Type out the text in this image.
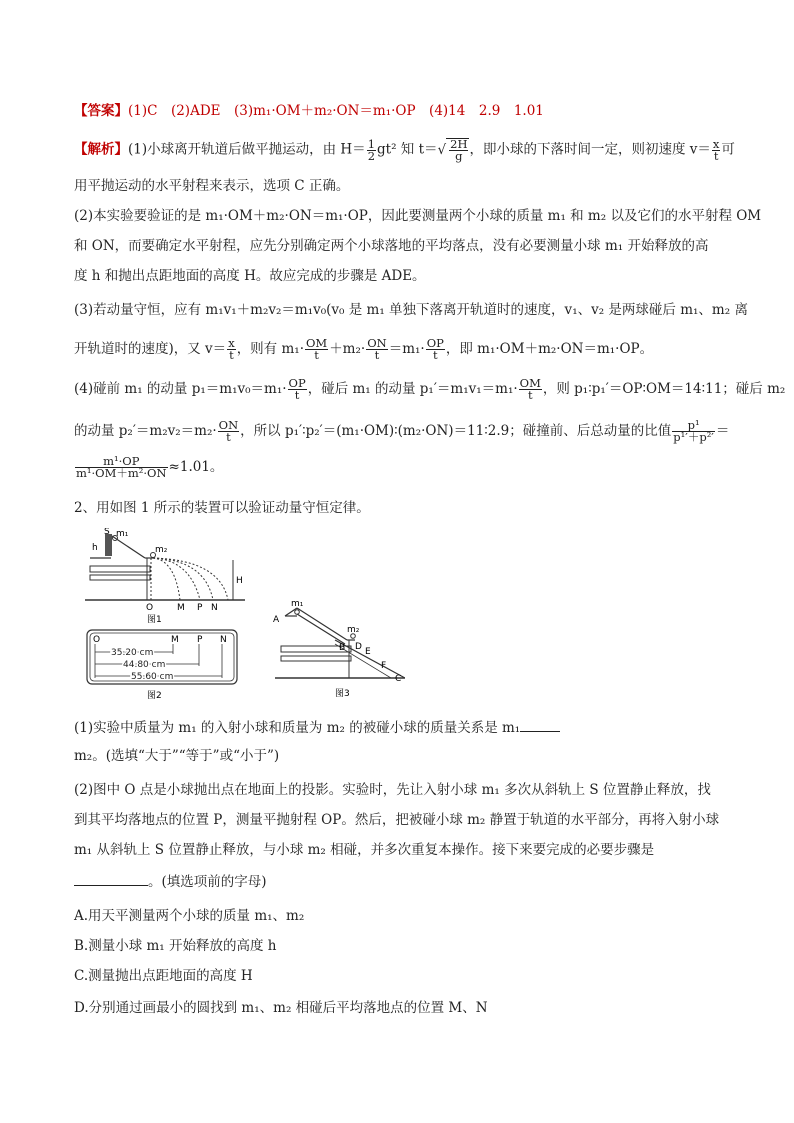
【答案】(1)C　(2)ADE　(3)m₁·OM＋m₂·ON＝m₁·OP　(4)14　2.9　1.01
【解析】(1)小球离开轨道后做平抛运动，由 $H= \frac{1}{2} gt^2$ 知 $t=√ \frac{2H}{g}$ ，即小球的下落时间一定，则初速度 $v= \frac{x}{t}$ 可
用平抛运动的水平射程来表示，选项 C 正确。
(2)本实验要验证的是 m₁·OM＋m₂·ON＝m₁·OP，因此要测量两个小球的质量 m₁ 和 m₂ 以及它们的水平射程 OM
和 ON，而要确定水平射程，应先分别确定两个小球落地的平均落点，没有必要测量小球 m₁ 开始释放的高
度 h 和抛出点距地面的高度 H。故应完成的步骤是 ADE。
(3)若动量守恒，应有 m₁v₁＋m₂v₂＝m₁v₀(v₀ 是 m₁ 单独下落离开轨道时的速度，v₁、v₂ 是两球碰后 m₁、m₂ 离
开轨道时的速度)，又 $v= \frac{x}{t}$ ，则有 $m_1\cdot \frac{OM}{t} +m_2\cdot \frac{ON}{t} =m_1\cdot \frac{OP}{t}$ ，即 m₁·OM＋m₂·ON＝m₁·OP。
(4)碰前 m₁ 的动量 $p_1=m_1v_0=m_1\cdot \frac{OP}{t}$ ，碰后 m₁ 的动量 $p_1'=m_1v_1=m_1\cdot \frac{OM}{t}$ ，则 p₁∶p₁′＝OP∶OM＝14∶11；碰后 m₂
的动量 $p_2'=m_2v_2=m_2\cdot \frac{ON}{t}$ ，所以 p₁′∶p₂′＝(m₁·OM)∶(m₂·ON)＝11∶2.9；碰撞前、后总动量的比值 $\frac{\text{p¹}}{\text{p¹′＋p²′}}$ ＝
$\frac{\text{m¹·OP}}{\text{m¹·OM＋m²·ON}} \approx 1.01$。
2、用如图 1 所示的装置可以验证动量守恒定律。
H
S m₁
m₂
h
O	M P N
图1
O	M P N
35.20 cm
44.80 cm
55.60 cm
图2
A
m₁
m₂
B D E
F
C
图3
(1)实验中质量为 m₁ 的入射小球和质量为 m₂ 的被碰小球的质量关系是 m₁
m₂。(选填“大于”“等于”或“小于”)
(2)图中 O 点是小球抛出点在地面上的投影。实验时，先让入射小球 m₁ 多次从斜轨上 S 位置静止释放，找
到其平均落地点的位置 P，测量平抛射程 OP。然后，把被碰小球 m₂ 静置于轨道的水平部分，再将入射小球
m₁ 从斜轨上 S 位置静止释放，与小球 m₂ 相碰，并多次重复本操作。接下来要完成的必要步骤是
。(填选项前的字母)
A.用天平测量两个小球的质量 m₁、m₂
B.测量小球 m₁ 开始释放的高度 h
C.测量抛出点距地面的高度 H
D.分别通过画最小的圆找到 m₁、m₂ 相碰后平均落地点的位置 M、N
